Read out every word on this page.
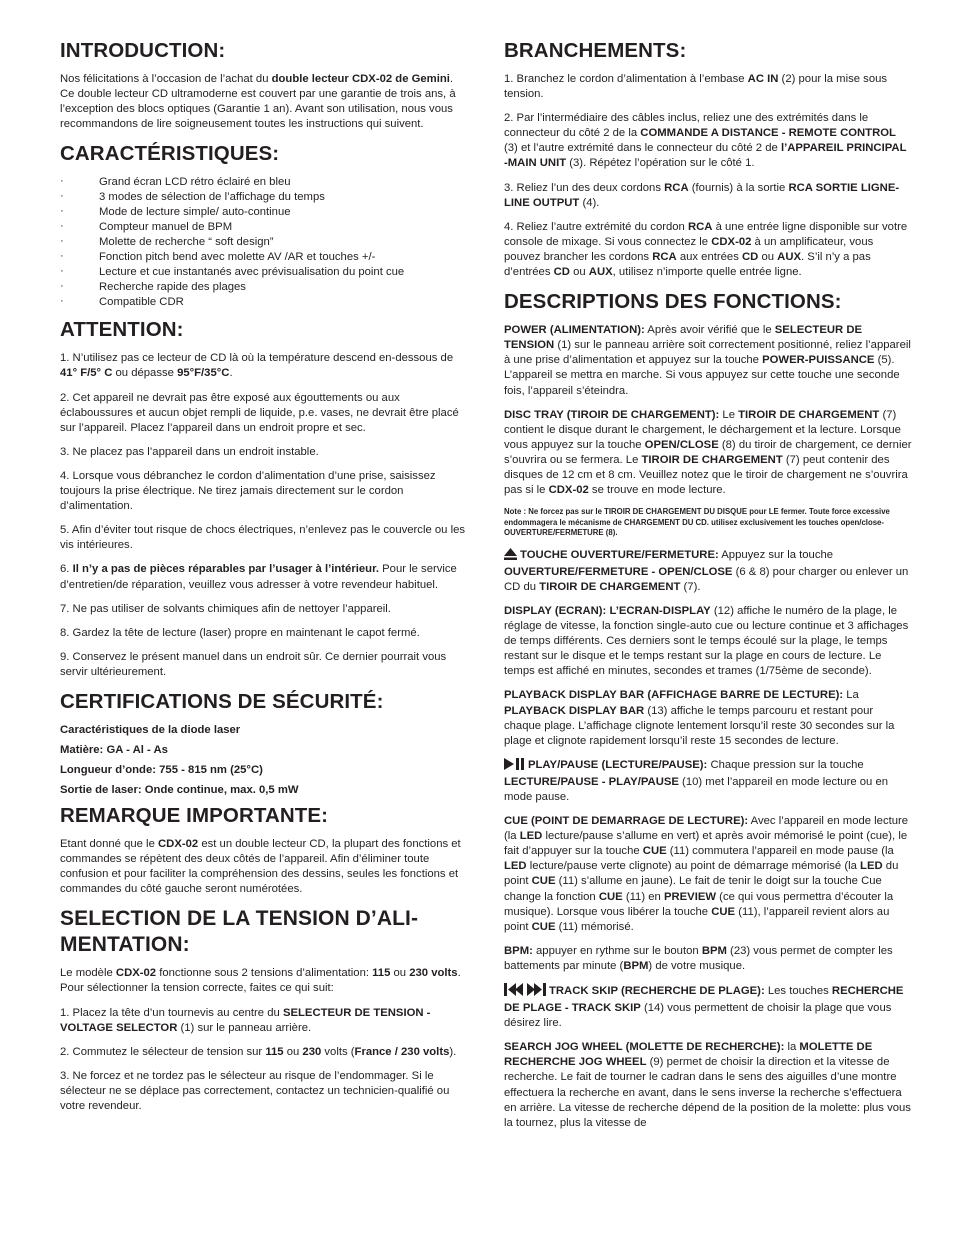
INTRODUCTION:

Nos félicitations à l’occasion de l’achat du double lecteur CDX-02 de Gemini. Ce double lecteur CD ultramoderne est couvert par une garantie de trois ans, à l’exception des blocs optiques (Garantie 1 an). Avant son utilisation, nous vous recommandons de lire soigneusement toutes les instructions qui suivent.

CARACTÉRISTIQUES:
· Grand écran LCD rétro éclairé en bleu
· 3 modes de sélection de l’affichage du temps
· Mode de lecture simple/ auto-continue
· Compteur manuel de BPM
· Molette de recherche “ soft design”
· Fonction pitch bend avec molette AV /AR et touches +/-
· Lecture et cue instantanés avec prévisualisation du point cue
· Recherche rapide des plages
· Compatible CDR
ATTENTION:

1. N’utilisez pas ce lecteur de CD là où la température descend en-dessous de 41° F/5° C ou dépasse 95°F/35°C.

2. Cet appareil ne devrait pas être exposé aux égouttements ou aux éclaboussures et aucun objet rempli de liquide, p.e. vases, ne devrait être placé sur l’appareil. Placez l’appareil dans un endroit propre et sec.

3. Ne placez pas l’appareil dans un endroit instable.

4. Lorsque vous débranchez le cordon d’alimentation d’une prise, saisissez toujours la prise électrique. Ne tirez jamais directement sur le cordon d’alimentation.

5. Afin d’éviter tout risque de chocs électriques, n’enlevez pas le couvercle ou les vis intérieures.

6. Il n’y a pas de pièces réparables par l’usager à l’intérieur. Pour le service d’entretien/de réparation, veuillez vous adresser à votre revendeur habituel.

7. Ne pas utiliser de solvants chimiques afin de nettoyer l’appareil.

8. Gardez la tête de lecture (laser) propre en maintenant le capot fermé.

9. Conservez le présent manuel dans un endroit sûr. Ce dernier pourrait vous servir ultérieurement.

CERTIFICATIONS DE SÉCURITÉ:

Caractéristiques de la diode laser

Matière: GA - Al - As

Longueur d’onde: 755 - 815 nm (25°C)

Sortie de laser: Onde continue, max. 0,5 mW

REMARQUE IMPORTANTE:

Etant donné que le CDX-02 est un double lecteur CD, la plupart des fonctions et commandes se répètent des deux côtés de l’appareil. Afin d’éliminer toute confusion et pour faciliter la compréhension des dessins, seules les fonctions et commandes du côté gauche seront numérotées.

SELECTION DE LA TENSION D’ALI-MENTATION:

Le modèle CDX-02 fonctionne sous 2 tensions d’alimentation: 115 ou 230 volts. Pour sélectionner la tension correcte, faites ce qui suit:

1. Placez la tête d’un tournevis au centre du SELECTEUR DE TENSION - VOLTAGE SELECTOR (1) sur le panneau arrière.

2. Commutez le sélecteur de tension sur 115 ou 230 volts (France / 230 volts).

3. Ne forcez et ne tordez pas le sélecteur au risque de l’endommager. Si le sélecteur ne se déplace pas correctement, contactez un technicien-qualifié ou votre revendeur.

BRANCHEMENTS:

1. Branchez le cordon d’alimentation à l’embase AC IN (2) pour la mise sous tension.

2. Par l’intermédiaire des câbles inclus, reliez une des extrémités dans le connecteur du côté 2 de la COMMANDE A DISTANCE - REMOTE CONTROL (3) et l’autre extrémité dans le connecteur du côté 2 de l’APPAREIL PRINCIPAL -MAIN UNIT (3). Répétez l’opération sur le côté 1.

3. Reliez l’un des deux cordons RCA (fournis) à la sortie RCA SORTIE LIGNE-LINE OUTPUT (4).

4. Reliez l’autre extrémité du cordon RCA à une entrée ligne disponible sur votre console de mixage. Si vous connectez le CDX-02 à un amplificateur, vous pouvez brancher les cordons RCA aux entrées CD ou AUX. S’il n’y a pas d’entrées CD ou AUX, utilisez n’importe quelle entrée ligne.

DESCRIPTIONS DES FONCTIONS:

POWER (ALIMENTATION): Après avoir vérifié que le SELECTEUR DE TENSION (1) sur le panneau arrière soit correctement positionné, reliez l’appareil à une prise d’alimentation et appuyez sur la touche POWER-PUISSANCE (5). L’appareil se mettra en marche. Si vous appuyez sur cette touche une seconde fois, l’appareil s’éteindra.

DISC TRAY (TIROIR DE CHARGEMENT): Le TIROIR DE CHARGEMENT (7) contient le disque durant le chargement, le déchargement et la lecture. Lorsque vous appuyez sur la touche OPEN/CLOSE (8) du tiroir de chargement, ce dernier s’ouvrira ou se fermera. Le TIROIR DE CHARGEMENT (7) peut contenir des disques de 12 cm et 8 cm. Veuillez notez que le tiroir de chargement ne s’ouvrira pas si le CDX-02 se trouve en mode lecture.

Note : Ne forcez pas sur le TIROIR DE CHARGEMENT DU DISQUE pour LE fermer. Toute force excessive endommagera le mécanisme de CHARGEMENT DU CD. utilisez exclusivement les touches open/close-OUVERTURE/FERMETURE (8).

TOUCHE OUVERTURE/FERMETURE: Appuyez sur la touche OUVERTURE/FERMETURE - OPEN/CLOSE (6 & 8) pour charger ou enlever un CD du TIROIR DE CHARGEMENT (7).

DISPLAY (ECRAN): L’ECRAN-DISPLAY (12) affiche le numéro de la plage, le réglage de vitesse, la fonction single-auto cue ou lecture continue et 3 affichages de temps différents. Ces derniers sont le temps écoulé sur la plage, le temps restant sur le disque et le temps restant sur la plage en cours de lecture. Le temps est affiché en minutes, secondes et trames (1/75ème de seconde).

PLAYBACK DISPLAY BAR (AFFICHAGE BARRE DE LECTURE): La PLAYBACK DISPLAY BAR (13) affiche le temps parcouru et restant pour chaque plage. L’affichage clignote lentement lorsqu’il reste 30 secondes sur la plage et clignote rapidement lorsqu’il reste 15 secondes de lecture.

PLAY/PAUSE (LECTURE/PAUSE): Chaque pression sur la touche LECTURE/PAUSE - PLAY/PAUSE (10) met l’appareil en mode lecture ou en mode pause.

CUE (POINT DE DEMARRAGE DE LECTURE): Avec l’appareil en mode lecture (la LED lecture/pause s’allume en vert) et après avoir mémorisé le point (cue), le fait d’appuyer sur la touche CUE (11) commutera l’appareil en mode pause (la LED lecture/pause verte clignote) au point de démarrage mémorisé (la LED du point CUE (11) s’allume en jaune). Le fait de tenir le doigt sur la touche Cue change la fonction CUE (11) en PREVIEW (ce qui vous permettra d’écouter la musique). Lorsque vous libérer la touche CUE (11), l’appareil revient alors au point CUE (11) mémorisé.

BPM: appuyer en rythme sur le bouton BPM (23) vous permet de compter les battements par minute (BPM) de votre musique.

TRACK SKIP (RECHERCHE DE PLAGE): Les touches RECHERCHE DE PLAGE - TRACK SKIP (14) vous permettent de choisir la plage que vous désirez lire.

SEARCH JOG WHEEL (MOLETTE DE RECHERCHE): la MOLETTE DE RECHERCHE JOG WHEEL (9) permet de choisir la direction et la vitesse de recherche. Le fait de tourner le cadran dans le sens des aiguilles d’une montre effectuera la recherche en avant, dans le sens inverse la recherche s’effectuera en arrière. La vitesse de recherche dépend de la position de la molette: plus vous la tournez, plus la vitesse de
